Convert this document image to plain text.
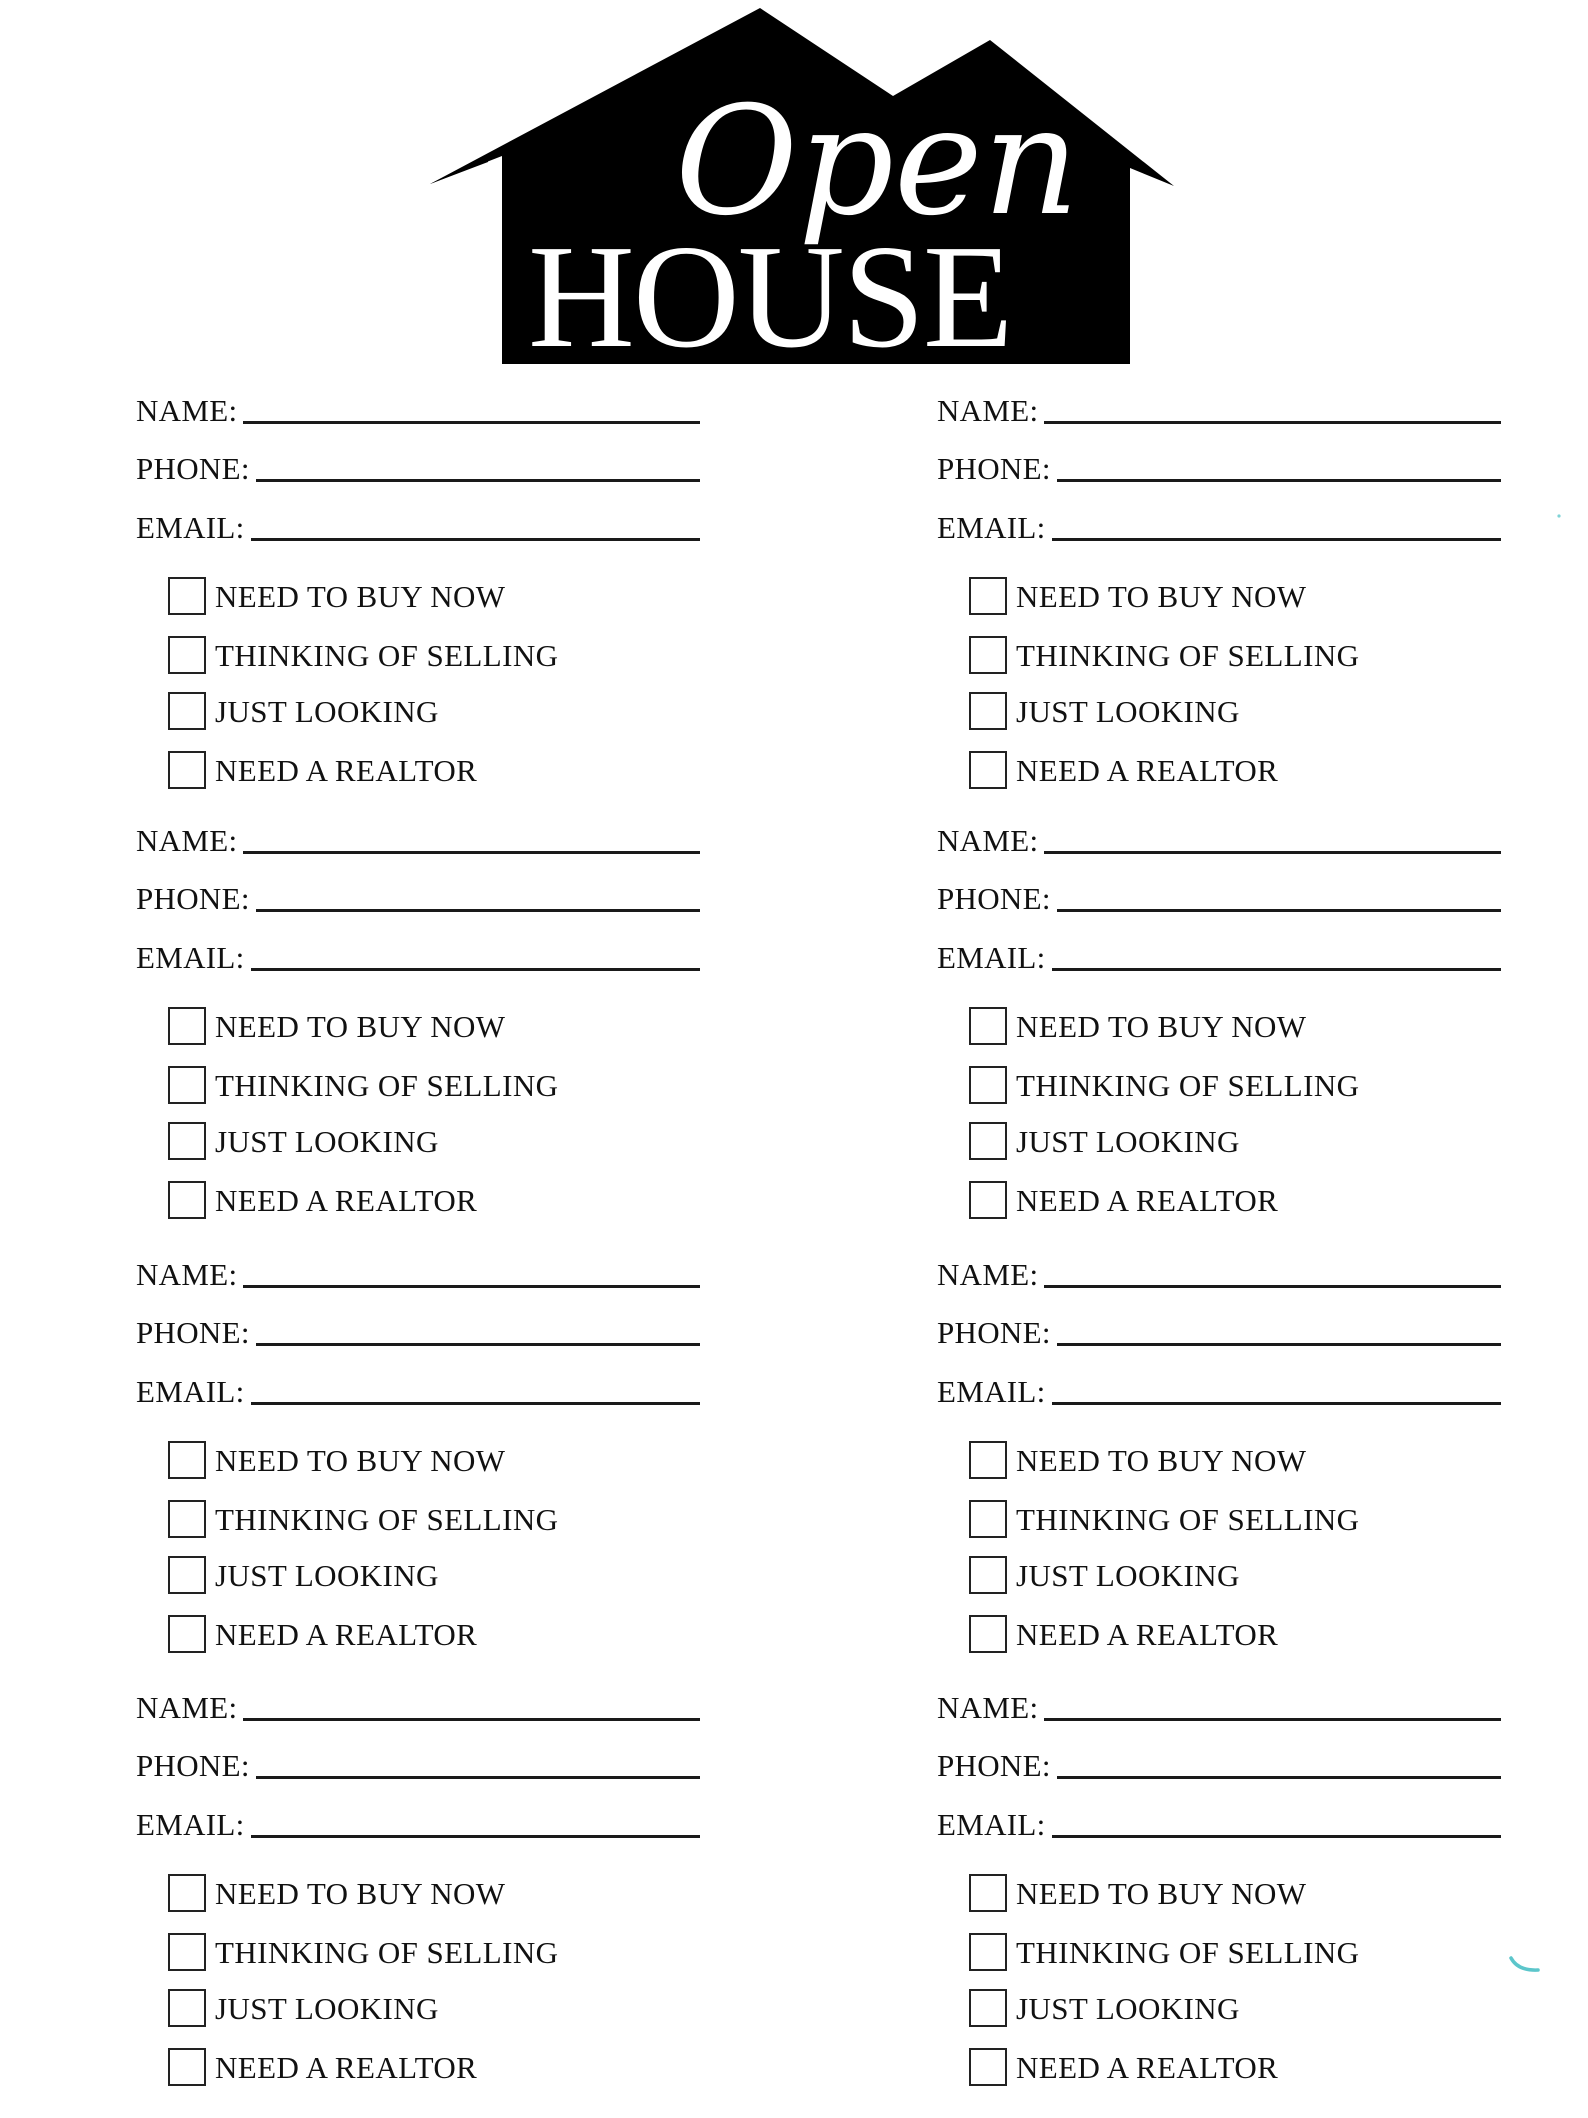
Open
HOUSE
NAME:
PHONE:
EMAIL:
NEED TO BUY NOW
THINKING OF SELLING
JUST LOOKING
NEED A REALTOR
NAME:
PHONE:
EMAIL:
NEED TO BUY NOW
THINKING OF SELLING
JUST LOOKING
NEED A REALTOR
NAME:
PHONE:
EMAIL:
NEED TO BUY NOW
THINKING OF SELLING
JUST LOOKING
NEED A REALTOR
NAME:
PHONE:
EMAIL:
NEED TO BUY NOW
THINKING OF SELLING
JUST LOOKING
NEED A REALTOR
NAME:
PHONE:
EMAIL:
NEED TO BUY NOW
THINKING OF SELLING
JUST LOOKING
NEED A REALTOR
NAME:
PHONE:
EMAIL:
NEED TO BUY NOW
THINKING OF SELLING
JUST LOOKING
NEED A REALTOR
NAME:
PHONE:
EMAIL:
NEED TO BUY NOW
THINKING OF SELLING
JUST LOOKING
NEED A REALTOR
NAME:
PHONE:
EMAIL:
NEED TO BUY NOW
THINKING OF SELLING
JUST LOOKING
NEED A REALTOR
